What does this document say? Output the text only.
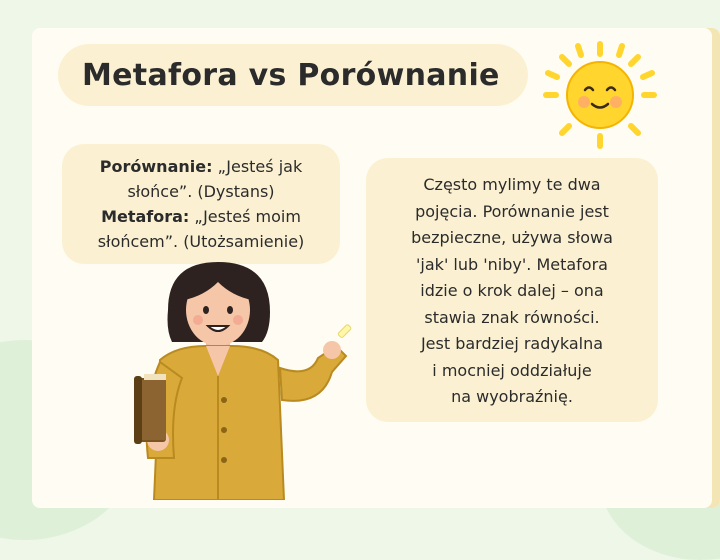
Metafora vs Porównanie
Porównanie: „Jesteś jak słońce”. (Dystans)
Metafora: „Jesteś moim słońcem”. (Utożsamienie)
Często mylimy te dwa
pojęcia. Porównanie jest
bezpieczne, używa słowa
'jak' lub 'niby'. Metafora
idzie o krok dalej – ona
stawia znak równości.
Jest bardziej radykalna
i mocniej oddziałuje
na wyobraźnię.
